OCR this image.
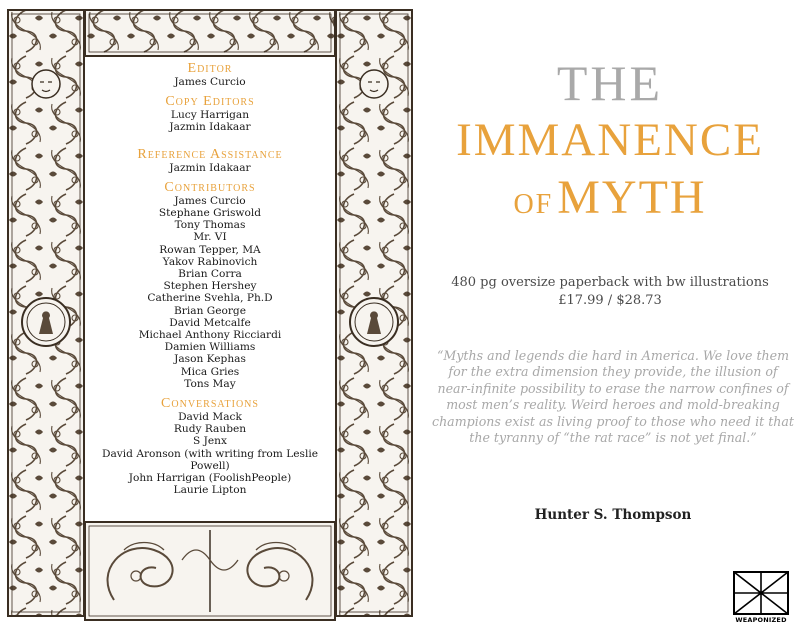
Editor
James Curcio
Copy Editors
Lucy Harrigan
Jazmin Idakaar
Reference Assistance
Jazmin Idakaar
Contributors
James Curcio
Stephane Griswold
Tony Thomas
Mr. VI
Rowan Tepper, MA
Yakov Rabinovich
Brian Corra
Stephen Hershey
Catherine Svehla, Ph.D
Brian George
David Metcalfe
Michael Anthony Ricciardi
Damien Williams
Jason Kephas
Mica Gries
Tons May
Conversations
David Mack
Rudy Rauben
S Jenx
David Aronson (with writing from Leslie Powell)
John Harrigan (FoolishPeople)
Laurie Lipton
THE
IMMANENCE
OF MYTH
480 pg oversize paperback with bw illustrations
£17.99 / $28.73
“Myths and legends die hard in America. We love them for the extra dimension they provide, the illusion of near-infinite possibility to erase the narrow confines of most men’s reality. Weird heroes and mold-breaking champions exist as living proof to those who need it that the tyranny of “the rat race” is not yet final.”
Hunter S. Thompson
WEAPONIZED
